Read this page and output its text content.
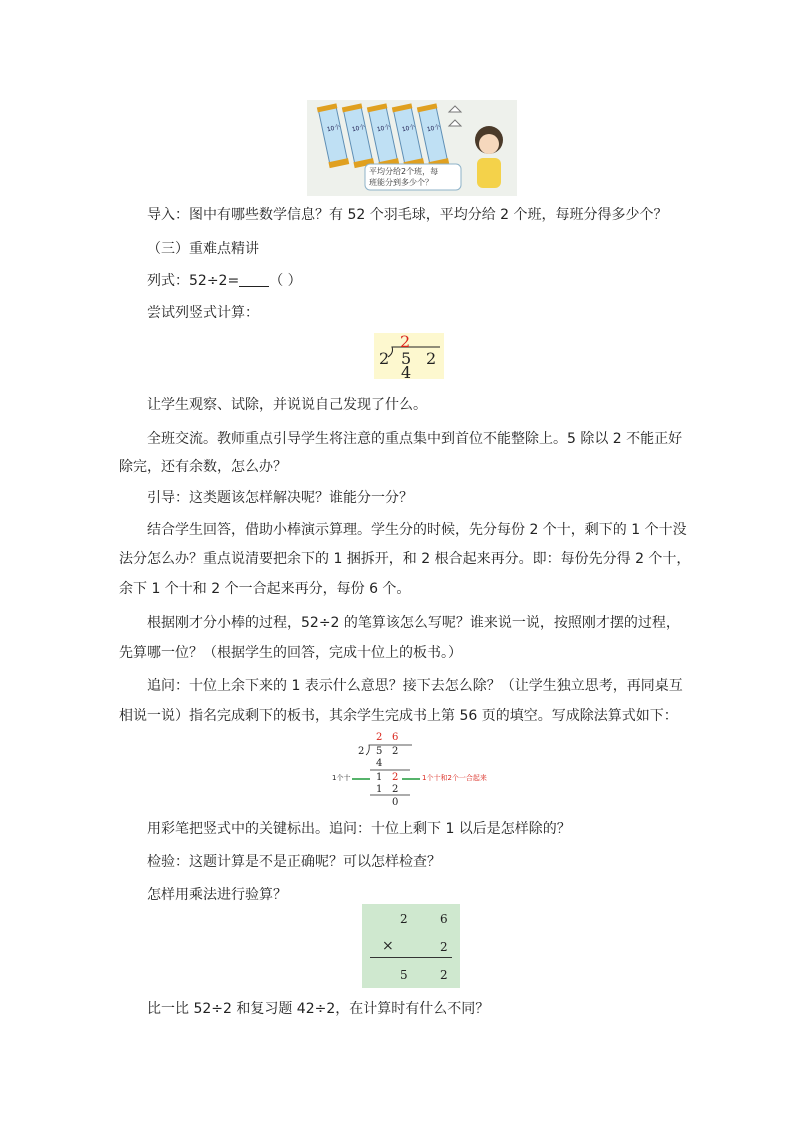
10个 10个 10个 10个 10个
平均分给2个班，每
班能分到多少个？
导入：图中有哪些数学信息？有 52 个羽毛球，平均分给 2 个班，每班分得多少个？
（三）重难点精讲
列式：52÷2= （ ）
尝试列竖式计算：
2
2 5 2
4
让学生观察、试除，并说说自己发现了什么。
全班交流。教师重点引导学生将注意的重点集中到首位不能整除上。5 除以 2 不能正好
除完，还有余数，怎么办？
引导：这类题该怎样解决呢？谁能分一分？
结合学生回答，借助小棒演示算理。学生分的时候，先分每份 2 个十，剩下的 1 个十没
法分怎么办？重点说清要把余下的 1 捆拆开，和 2 根合起来再分。即：每份先分得 2 个十，
余下 1 个十和 2 个一合起来再分，每份 6 个。
根据刚才分小棒的过程，52÷2 的笔算该怎么写呢？谁来说一说，按照刚才摆的过程，
先算哪一位？（根据学生的回答，完成十位上的板书。）
追问：十位上余下来的 1 表示什么意思？接下去怎么除？（让学生独立思考，再同桌互
相说一说）指名完成剩下的板书，其余学生完成书上第 56 页的填空。写成除法算式如下：
2 6
2 5 2
4
1 2
1 2
0
1个十	1个十和2个一合起来
用彩笔把竖式中的关键标出。追问：十位上剩下 1 以后是怎样除的？
检验：这题计算是不是正确呢？可以怎样检查？
怎样用乘法进行验算？
2	6
×	2
5	2
比一比 52÷2 和复习题 42÷2，在计算时有什么不同？
